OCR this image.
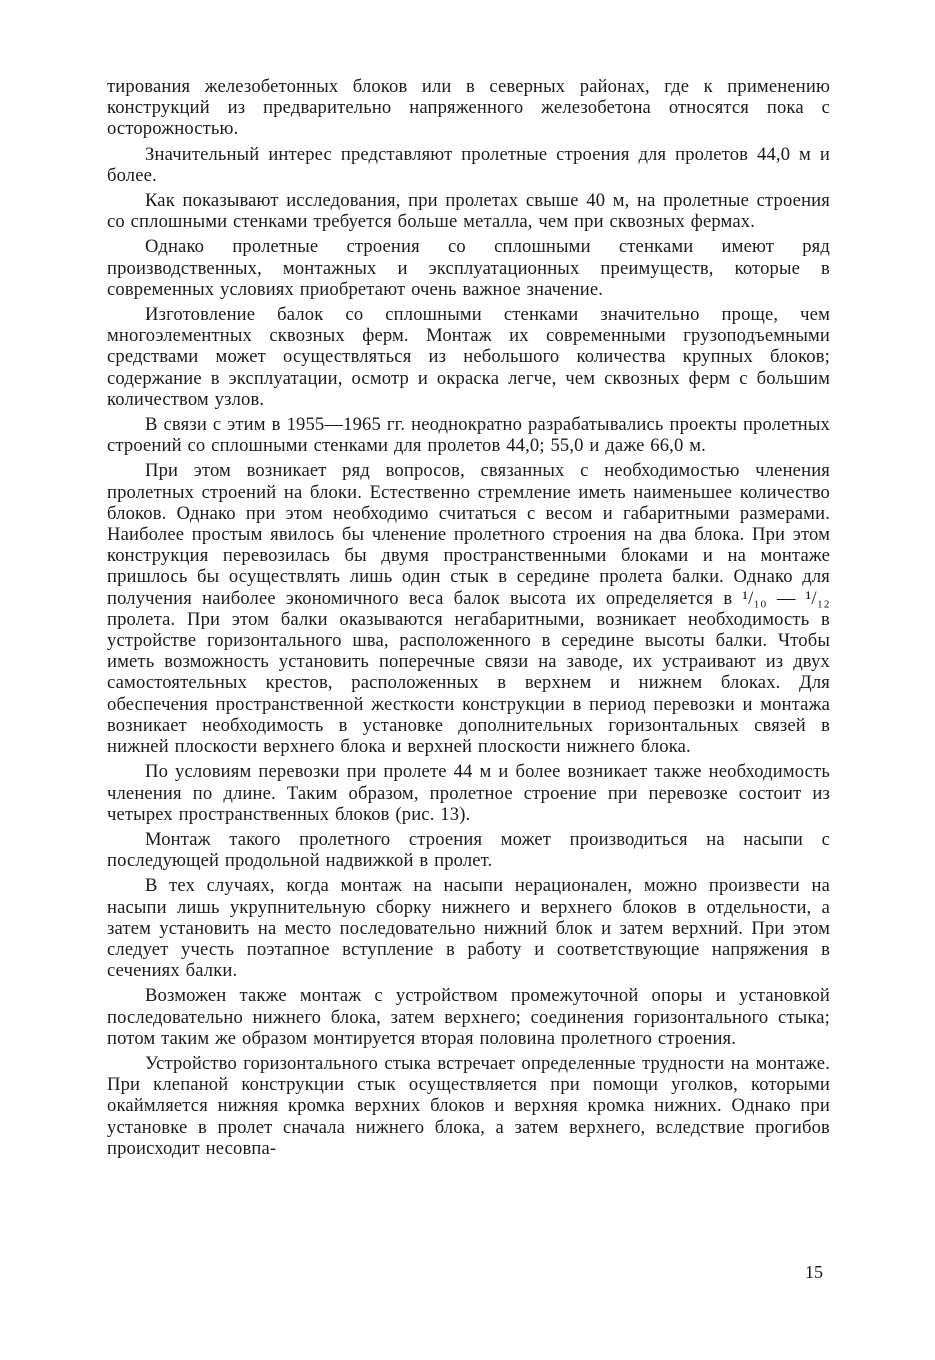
тирования железобетонных блоков или в северных районах, где к применению конструкций из предварительно напряженного железобетона относятся пока с осторожностью.

Значительный интерес представляют пролетные строения для пролетов 44,0 м и более.

Как показывают исследования, при пролетах свыше 40 м, на пролетные строения со сплошными стенками требуется больше металла, чем при сквозных фермах.

Однако пролетные строения со сплошными стенками имеют ряд производственных, монтажных и эксплуатационных преимуществ, которые в современных условиях приобретают очень важное значение.

Изготовление балок со сплошными стенками значительно проще, чем многоэлементных сквозных ферм. Монтаж их современными грузоподъемными средствами может осуществляться из небольшого количества крупных блоков; содержание в эксплуатации, осмотр и окраска легче, чем сквозных ферм с большим количеством узлов.

В связи с этим в 1955—1965 гг. неоднократно разрабатывались проекты пролетных строений со сплошными стенками для пролетов 44,0; 55,0 и даже 66,0 м.

При этом возникает ряд вопросов, связанных с необходимостью членения пролетных строений на блоки. Естественно стремление иметь наименьшее количество блоков. Однако при этом необходимо считаться с весом и габаритными размерами. Наиболее простым явилось бы членение пролетного строения на два блока. При этом конструкция перевозилась бы двумя пространственными блоками и на монтаже пришлось бы осуществлять лишь один стык в середине пролета балки. Однако для получения наиболее экономичного веса балок высота их определяется в ¹/₁₀ — ¹/₁₂ пролета. При этом балки оказываются негабаритными, возникает необходимость в устройстве горизонтального шва, расположенного в середине высоты балки. Чтобы иметь возможность установить поперечные связи на заводе, их устраивают из двух самостоятельных крестов, расположенных в верхнем и нижнем блоках. Для обеспечения пространственной жесткости конструкции в период перевозки и монтажа возникает необходимость в установке дополнительных горизонтальных связей в нижней плоскости верхнего блока и верхней плоскости нижнего блока.

По условиям перевозки при пролете 44 м и более возникает также необходимость членения по длине. Таким образом, пролетное строение при перевозке состоит из четырех пространственных блоков (рис. 13).

Монтаж такого пролетного строения может производиться на насыпи с последующей продольной надвижкой в пролет.

В тех случаях, когда монтаж на насыпи нерационален, можно произвести на насыпи лишь укрупнительную сборку нижнего и верхнего блоков в отдельности, а затем установить на место последовательно нижний блок и затем верхний. При этом следует учесть поэтапное вступление в работу и соответствующие напряжения в сечениях балки.

Возможен также монтаж с устройством промежуточной опоры и установкой последовательно нижнего блока, затем верхнего; соединения горизонтального стыка; потом таким же образом монтируется вторая половина пролетного строения.

Устройство горизонтального стыка встречает определенные трудности на монтаже. При клепаной конструкции стык осуществляется при помощи уголков, которыми окаймляется нижняя кромка верхних блоков и верхняя кромка нижних. Однако при установке в пролет сначала нижнего блока, а затем верхнего, вследствие прогибов происходит несовпа-

15
